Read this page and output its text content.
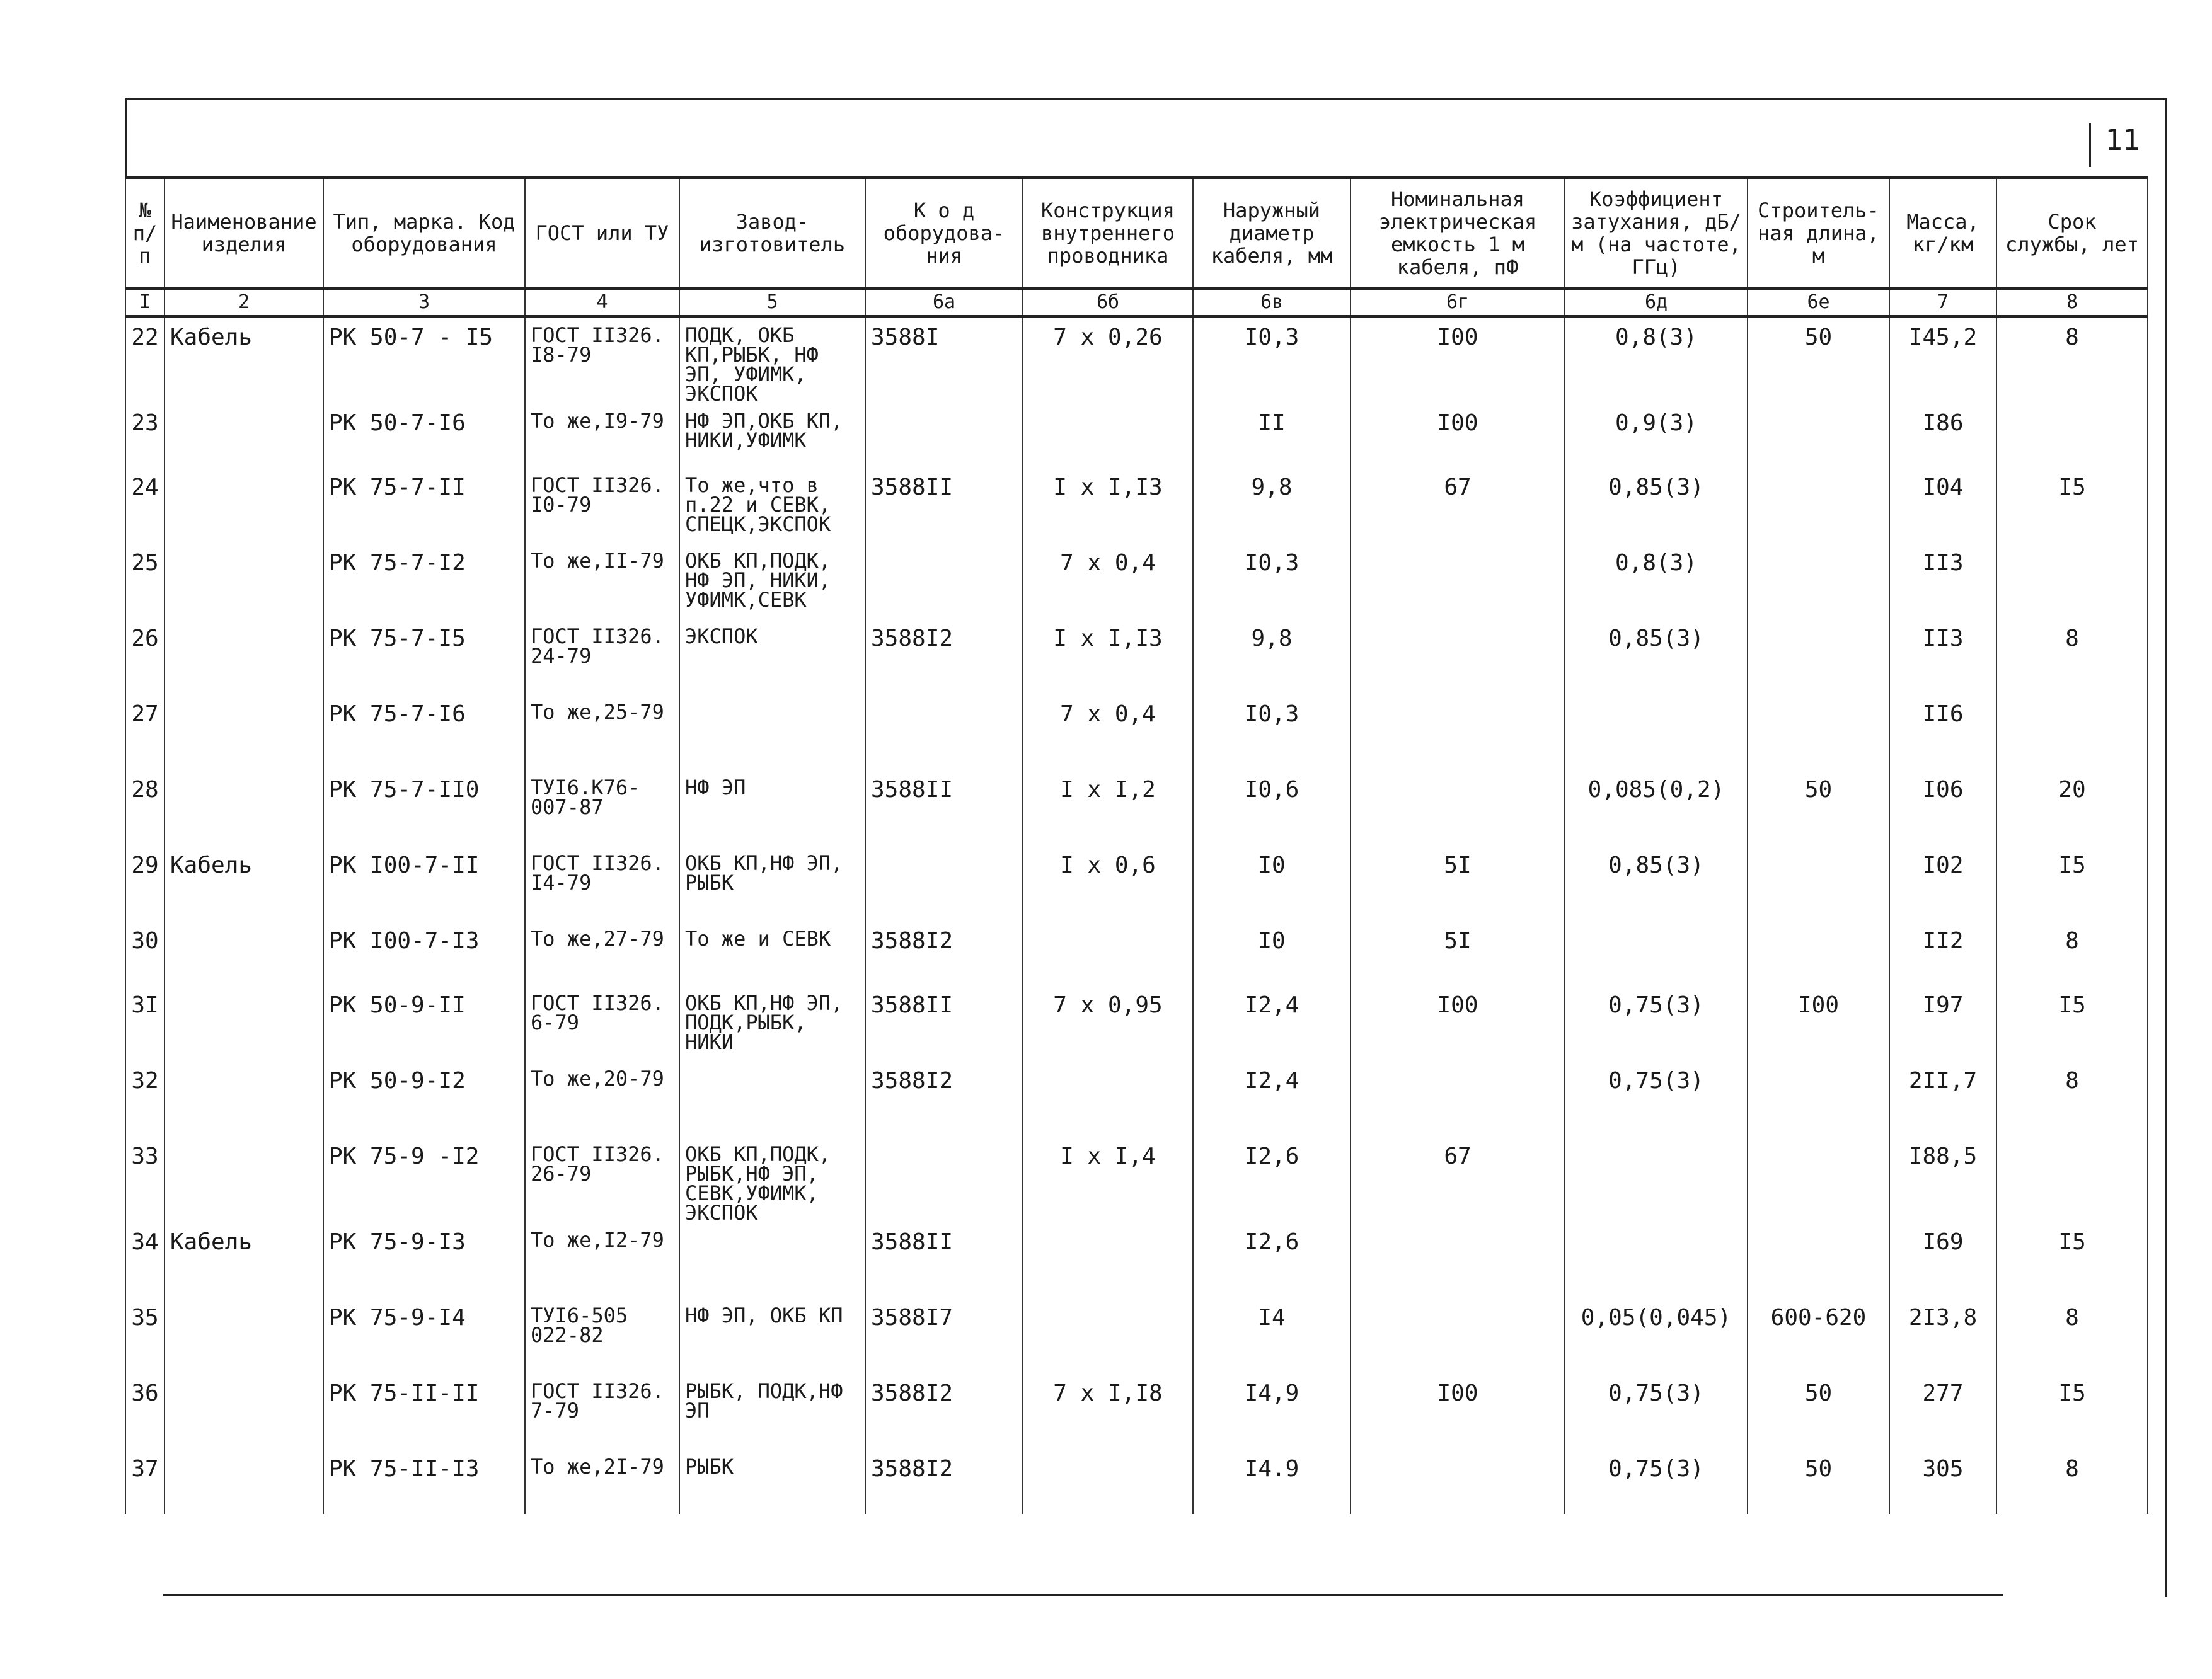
11
№ п/п	Наименование изделия	Тип, марка. Код оборудования	ГОСТ или ТУ	Завод-изготовитель	К о д оборудова-ния	Конструкция внутреннего проводника	Наружный диаметр кабеля, мм	Номинальная электрическая емкость 1 м кабеля, пФ	Коэффициент затухания, дБ/м (на частоте, ГГц)	Строитель-ная длина, м	Масса, кг/км	Срок службы, лет
I	2	3	4	5	6а	6б	6в	6г	6д	6е	7	8
22	Кабель	РК 50-7 - I5	ГОСТ II326. I8-79	ПОДК, ОКБ КП,РЫБК, НФ ЭП, УФИМК, ЭКСПОК	3588I	7 х 0,26	I0,3	I00	0,8(3)	50	I45,2	8
23		РК 50-7-I6	То же,I9-79	НФ ЭП,ОКБ КП, НИКИ,УФИМК			II	I00	0,9(3)		I86	
24		РК 75-7-II	ГОСТ II326. I0-79	То же,что в п.22 и СЕВК, СПЕЦК,ЭКСПОК	3588II	I х I,I3	9,8	67	0,85(3)		I04	I5
25		РК 75-7-I2	То же,II-79	ОКБ КП,ПОДК, НФ ЭП, НИКИ, УФИМК,СЕВК		7 х 0,4	I0,3		0,8(3)		II3	
26		РК 75-7-I5	ГОСТ II326. 24-79	ЭКСПОК	3588I2	I х I,I3	9,8		0,85(3)		II3	8
27		РК 75-7-I6	То же,25-79			7 х 0,4	I0,3				II6	
28		РК 75-7-II0	ТУI6.К76-007-87	НФ ЭП	3588II	I х I,2	I0,6		0,085(0,2)	50	I06	20
29	Кабель	РК I00-7-II	ГОСТ II326. I4-79	ОКБ КП,НФ ЭП, РЫБК		I х 0,6	I0	5I	0,85(3)		I02	I5
30		РК I00-7-I3	То же,27-79	То же и СЕВК	3588I2		I0	5I			II2	8
3I		РК 50-9-II	ГОСТ II326. 6-79	ОКБ КП,НФ ЭП, ПОДК,РЫБК, НИКИ	3588II	7 х 0,95	I2,4	I00	0,75(3)	I00	I97	I5
32		РК 50-9-I2	То же,20-79		3588I2		I2,4		0,75(3)		2II,7	8
33		РК 75-9 -I2	ГОСТ II326. 26-79	ОКБ КП,ПОДК, РЫБК,НФ ЭП, СЕВК,УФИМК, ЭКСПОК		I х I,4	I2,6	67			I88,5	
34	Кабель	РК 75-9-I3	То же,I2-79		3588II		I2,6				I69	I5
35		РК 75-9-I4	ТУI6-505 022-82	НФ ЭП, ОКБ КП	3588I7		I4		0,05(0,045)	600-620	2I3,8	8
36		РК 75-II-II	ГОСТ II326. 7-79	РЫБК, ПОДК,НФ ЭП	3588I2	7 х I,I8	I4,9	I00	0,75(3)	50	277	I5
37		РК 75-II-I3	То же,2I-79	РЫБК	3588I2		I4.9		0,75(3)	50	305	8
